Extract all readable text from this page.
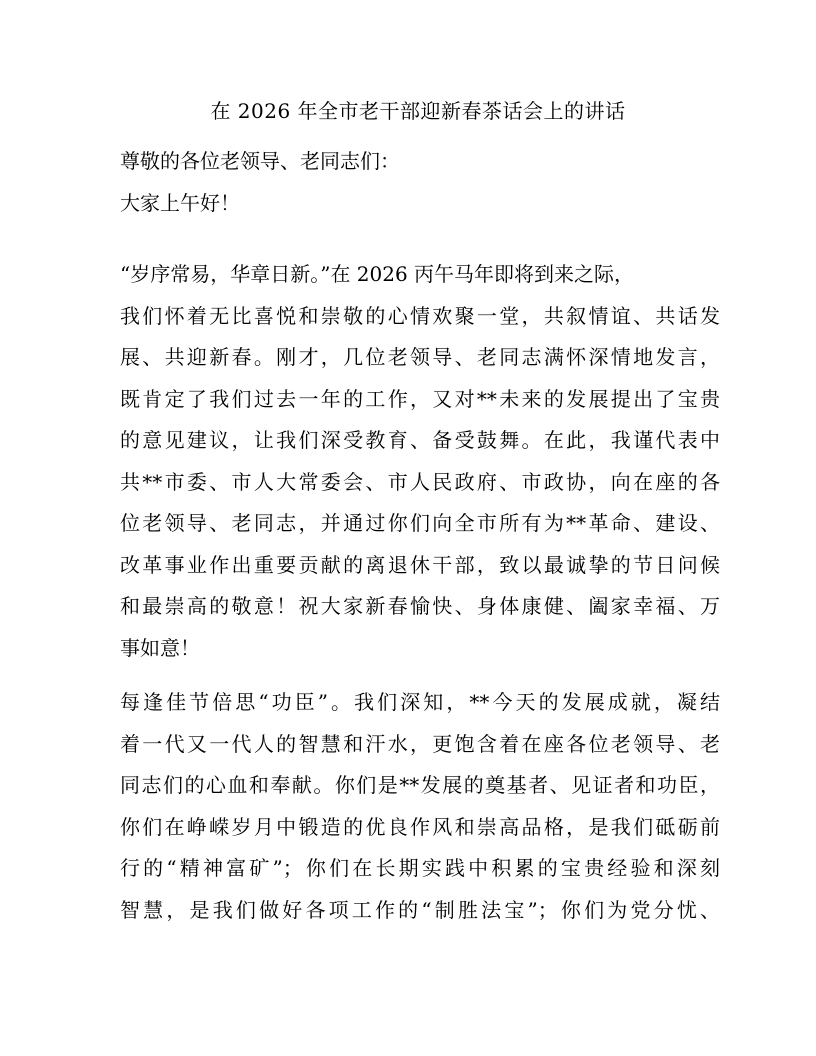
在 2026 年全市老干部迎新春茶话会上的讲话
尊敬的各位老领导、老同志们：
大家上午好！
“岁序常易，华章日新。”在 2026 丙午马年即将到来之际，
我们怀着无比喜悦和崇敬的心情欢聚一堂，共叙情谊、共话发
展、共迎新春。刚才，几位老领导、老同志满怀深情地发言，
既肯定了我们过去一年的工作，又对**未来的发展提出了宝贵
的意见建议，让我们深受教育、备受鼓舞。在此，我谨代表中
共**市委、市人大常委会、市人民政府、市政协，向在座的各
位老领导、老同志，并通过你们向全市所有为**革命、建设、
改革事业作出重要贡献的离退休干部，致以最诚挚的节日问候
和最崇高的敬意！祝大家新春愉快、身体康健、阖家幸福、万
事如意！
每逢佳节倍思“功臣”。我们深知，**今天的发展成就，凝结
着一代又一代人的智慧和汗水，更饱含着在座各位老领导、老
同志们的心血和奉献。你们是**发展的奠基者、见证者和功臣，
你们在峥嵘岁月中锻造的优良作风和崇高品格，是我们砥砺前
行的“精神富矿”；你们在长期实践中积累的宝贵经验和深刻
智慧，是我们做好各项工作的“制胜法宝”；你们为党分忧、
